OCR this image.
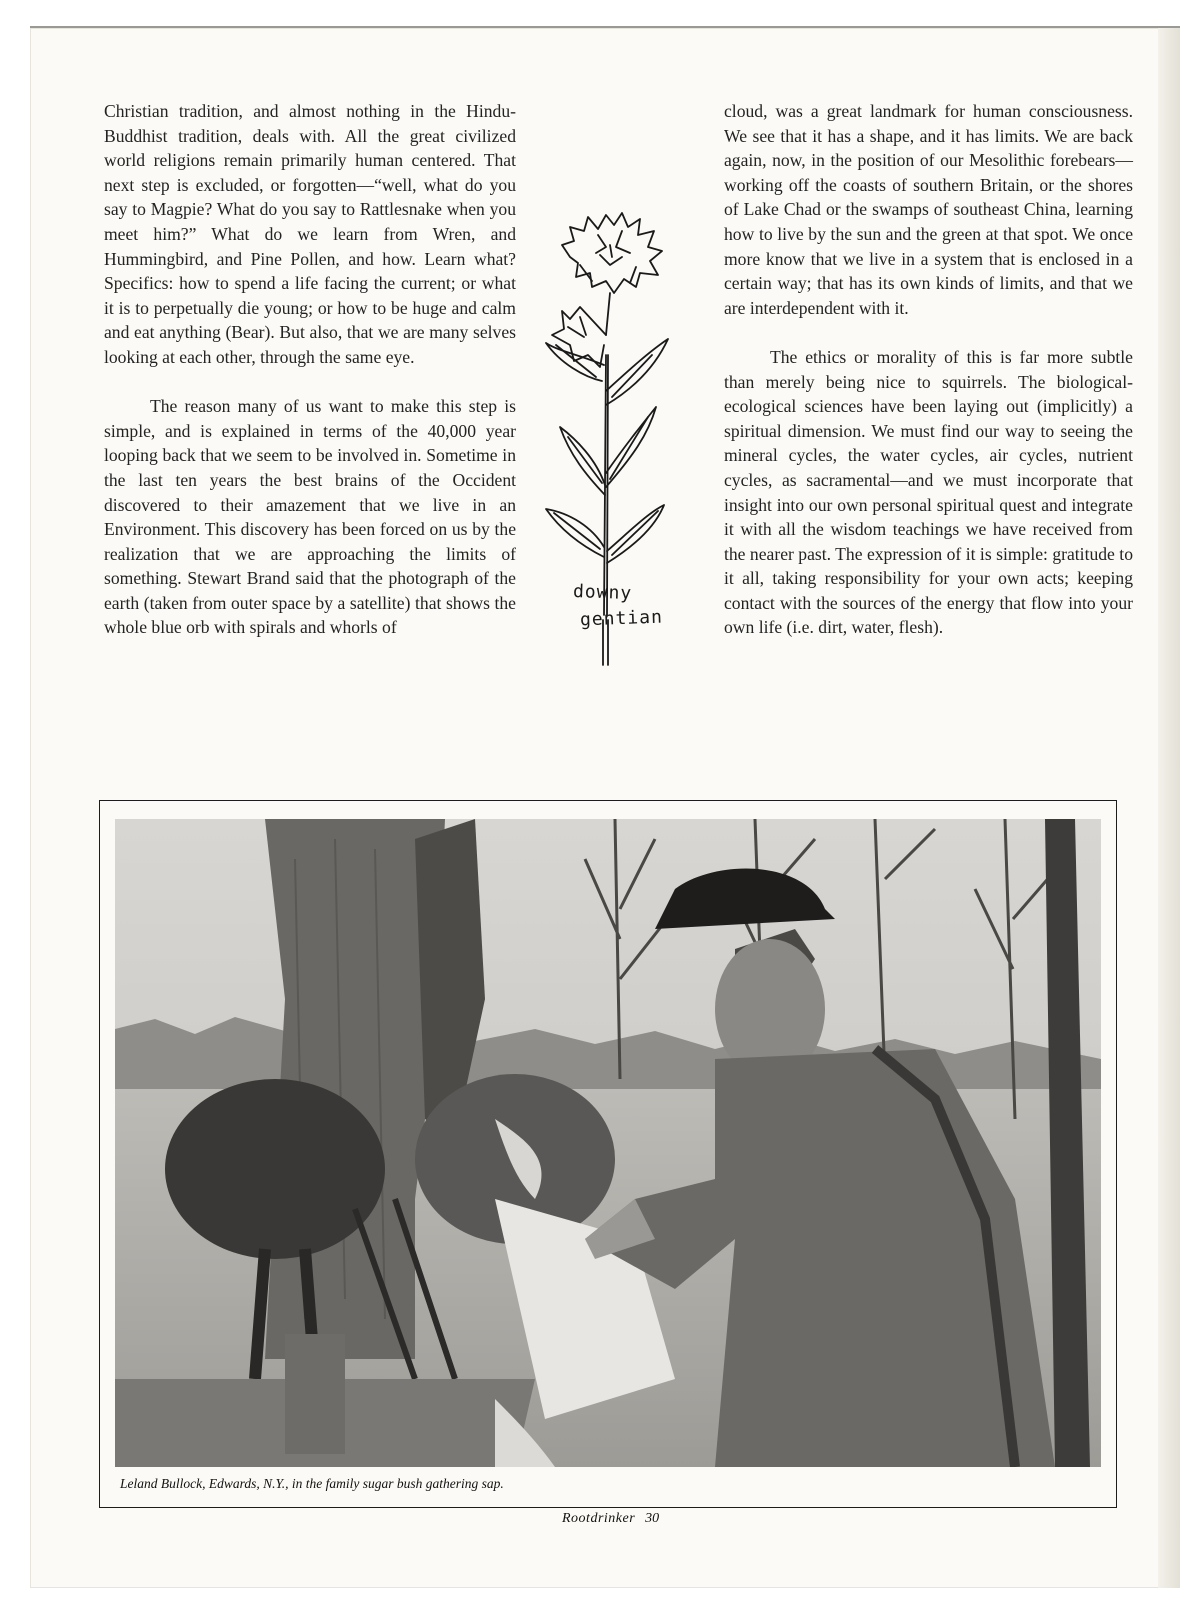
Christian tradition, and almost nothing in the Hindu-Buddhist tradition, deals with. All the great civilized world religions remain primarily human centered. That next step is excluded, or forgotten—“well, what do you say to Magpie? What do you say to Rattlesnake when you meet him?” What do we learn from Wren, and Hummingbird, and Pine Pollen, and how. Learn what? Specifics: how to spend a life facing the current; or what it is to perpetually die young; or how to be huge and calm and eat anything (Bear). But also, that we are many selves looking at each other, through the same eye.

The reason many of us want to make this step is simple, and is explained in terms of the 40,000 year looping back that we seem to be involved in. Sometime in the last ten years the best brains of the Occident discovered to their amazement that we live in an Environment. This discovery has been forced on us by the realization that we are approaching the limits of something. Stewart Brand said that the photograph of the earth (taken from outer space by a satellite) that shows the whole blue orb with spirals and whorls of

cloud, was a great landmark for human consciousness. We see that it has a shape, and it has limits. We are back again, now, in the position of our Mesolithic forebears—working off the coasts of southern Britain, or the shores of Lake Chad or the swamps of southeast China, learning how to live by the sun and the green at that spot. We once more know that we live in a system that is enclosed in a certain way; that has its own kinds of limits, and that we are interdependent with it.

The ethics or morality of this is far more subtle than merely being nice to squirrels. The biological-ecological sciences have been laying out (implicitly) a spiritual dimension. We must find our way to seeing the mineral cycles, the water cycles, air cycles, nutrient cycles, as sacramental—and we must incorporate that insight into our own personal spiritual quest and integrate it with all the wisdom teachings we have received from the nearer past. The expression of it is simple: gratitude to it all, taking responsibility for your own acts; keeping contact with the sources of the energy that flow into your own life (i.e. dirt, water, flesh).

downy
gentian
Leland Bullock, Edwards, N.Y., in the family sugar bush gathering sap.
Rootdrinker 30
